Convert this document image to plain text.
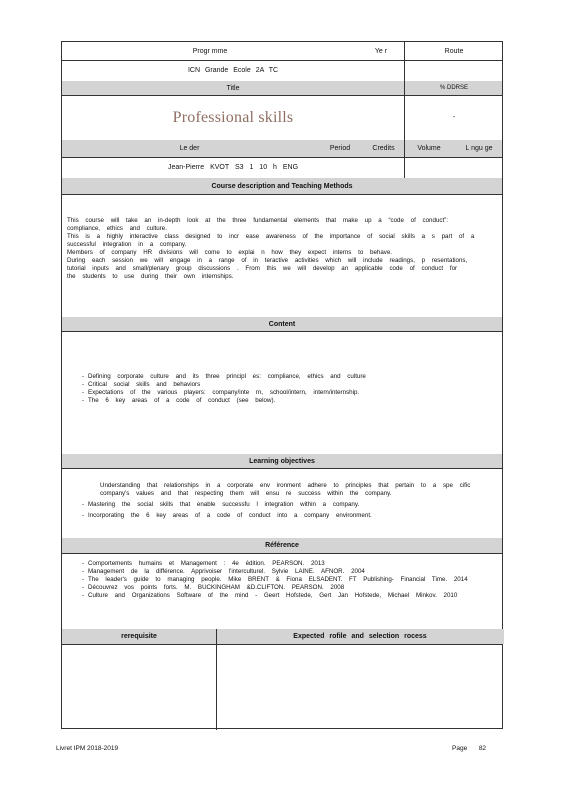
Progr mme	Ye r	Route
ICN Grande Ecole 2A TC
Title	% DDRSE
Professional skills	-
Le der	Period	Credits	Volume	L ngu ge
Jean-Pierre KVOT S3 1 10 h ENG
Course description and Teaching Methods
This course will take an in-depth look at the three fundamental elements that make up a “code of conduct”:
compliance, ethics and culture.
This is a highly interactive class designed to incr ease awareness of the importance of social skills a s part of a
successful integration in a company.
Members of company HR divisions will come to explai n how they expect interns to behave.
During each session we will engage in a range of in teractive activities which will include readings, p resentations,
tutorial inputs and small/plenary group discussions . From this we will develop an applicable code of conduct for
the students to use during their own internships.
Content
- Defining corporate culture and its three principl es: compliance, ethics and culture
- Critical social skills and behaviors
- Expectations of the various players: company/inte rn, school/intern, intern/internship.
- The 6 key areas of a code of conduct (see below).
Learning objectives
Understanding that relationships in a corporate env ironment adhere to principles that pertain to a spe cific
company's values and that respecting them will ensu re success within the company.
- Mastering the social skills that enable successfu l integration within a company.
- Incorporating the 6 key areas of a code of conduct into a company environment.
Référence
- Comportements humains et Management : 4e édition. PEARSON. 2013
- Management de la différence. Apprivoiser l'interculturel. Sylvie LAINE. AFNOR. 2004
- The leader's guide to managing people. Mike BRENT & Fiona ELSADENT. FT Publishing- Financial Time. 2014
- Découvrez vos points forts. M. BUCKINGHAM &D.CLIFTON. PEARSON. 2008
- Culture and Organizations Software of the mind - Geert Hofstede, Gert Jan Hofstede, Michael Minkov. 2010
rerequisite	Expected rofile and selection rocess
Livret IPM 2018-2019	Page 82
